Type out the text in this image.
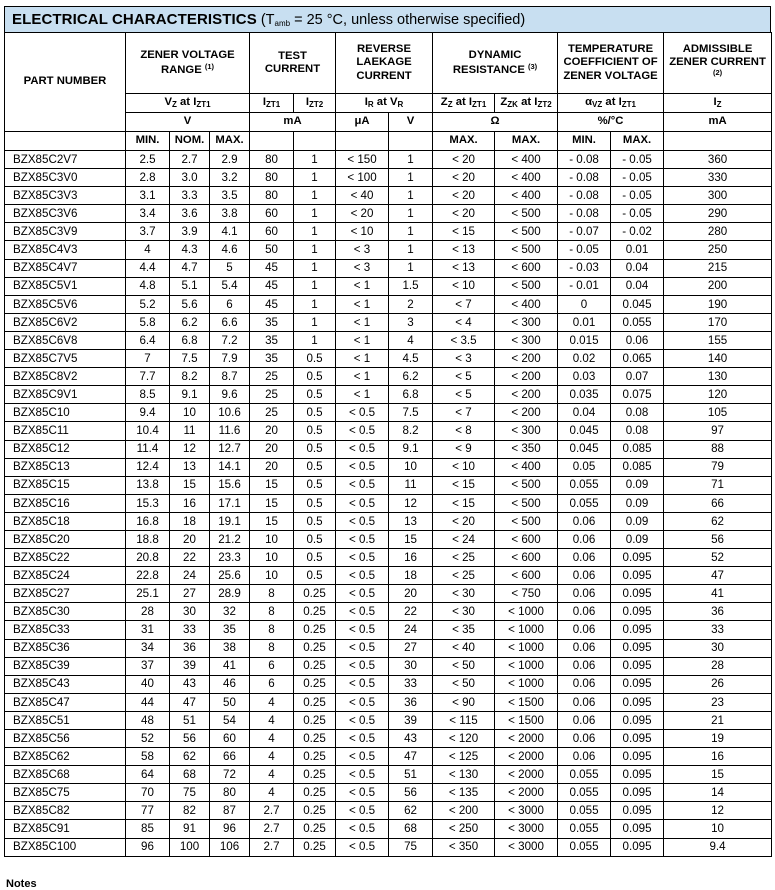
ELECTRICAL CHARACTERISTICS ($T_{amb} = 25$ °C, unless otherwise specified)
PART NUMBER	ZENER VOLTAGE RANGE $^{(1)}$			TEST CURRENT		REVERSE LAEKAGE CURRENT		DYNAMIC RESISTANCE $^{(3)}$		TEMPERATURE COEFFICIENT OF ZENER VOLTAGE		ADMISSIBLE ZENER CURRENT $^{(2)}$
	$V_Z$ at $I_{ZT1}$			$I_{ZT1}$	$I_{ZT2}$	$I_R$ at $V_R$		$Z_Z$ at $I_{ZT1}$	$Z_{ZK}$ at $I_{ZT2}$	$\alpha_{VZ}$ at $I_{ZT1}$		$I_Z$
	V			mA		μA	V	Ω		%/°C		mA
	MIN.	NOM.	MAX.					MAX.	MAX.	MIN.	MAX.	
BZX85C2V7	2.5	2.7	2.9	80	1	< 150	1	< 20	< 400	- 0.08	- 0.05	360
BZX85C3V0	2.8	3.0	3.2	80	1	< 100	1	< 20	< 400	- 0.08	- 0.05	330
BZX85C3V3	3.1	3.3	3.5	80	1	< 40	1	< 20	< 400	- 0.08	- 0.05	300
BZX85C3V6	3.4	3.6	3.8	60	1	< 20	1	< 20	< 500	- 0.08	- 0.05	290
BZX85C3V9	3.7	3.9	4.1	60	1	< 10	1	< 15	< 500	- 0.07	- 0.02	280
BZX85C4V3	4	4.3	4.6	50	1	< 3	1	< 13	< 500	- 0.05	0.01	250
BZX85C4V7	4.4	4.7	5	45	1	< 3	1	< 13	< 600	- 0.03	0.04	215
BZX85C5V1	4.8	5.1	5.4	45	1	< 1	1.5	< 10	< 500	- 0.01	0.04	200
BZX85C5V6	5.2	5.6	6	45	1	< 1	2	< 7	< 400	0	0.045	190
BZX85C6V2	5.8	6.2	6.6	35	1	< 1	3	< 4	< 300	0.01	0.055	170
BZX85C6V8	6.4	6.8	7.2	35	1	< 1	4	< 3.5	< 300	0.015	0.06	155
BZX85C7V5	7	7.5	7.9	35	0.5	< 1	4.5	< 3	< 200	0.02	0.065	140
BZX85C8V2	7.7	8.2	8.7	25	0.5	< 1	6.2	< 5	< 200	0.03	0.07	130
BZX85C9V1	8.5	9.1	9.6	25	0.5	< 1	6.8	< 5	< 200	0.035	0.075	120
BZX85C10	9.4	10	10.6	25	0.5	< 0.5	7.5	< 7	< 200	0.04	0.08	105
BZX85C11	10.4	11	11.6	20	0.5	< 0.5	8.2	< 8	< 300	0.045	0.08	97
BZX85C12	11.4	12	12.7	20	0.5	< 0.5	9.1	< 9	< 350	0.045	0.085	88
BZX85C13	12.4	13	14.1	20	0.5	< 0.5	10	< 10	< 400	0.05	0.085	79
BZX85C15	13.8	15	15.6	15	0.5	< 0.5	11	< 15	< 500	0.055	0.09	71
BZX85C16	15.3	16	17.1	15	0.5	< 0.5	12	< 15	< 500	0.055	0.09	66
BZX85C18	16.8	18	19.1	15	0.5	< 0.5	13	< 20	< 500	0.06	0.09	62
BZX85C20	18.8	20	21.2	10	0.5	< 0.5	15	< 24	< 600	0.06	0.09	56
BZX85C22	20.8	22	23.3	10	0.5	< 0.5	16	< 25	< 600	0.06	0.095	52
BZX85C24	22.8	24	25.6	10	0.5	< 0.5	18	< 25	< 600	0.06	0.095	47
BZX85C27	25.1	27	28.9	8	0.25	< 0.5	20	< 30	< 750	0.06	0.095	41
BZX85C30	28	30	32	8	0.25	< 0.5	22	< 30	< 1000	0.06	0.095	36
BZX85C33	31	33	35	8	0.25	< 0.5	24	< 35	< 1000	0.06	0.095	33
BZX85C36	34	36	38	8	0.25	< 0.5	27	< 40	< 1000	0.06	0.095	30
BZX85C39	37	39	41	6	0.25	< 0.5	30	< 50	< 1000	0.06	0.095	28
BZX85C43	40	43	46	6	0.25	< 0.5	33	< 50	< 1000	0.06	0.095	26
BZX85C47	44	47	50	4	0.25	< 0.5	36	< 90	< 1500	0.06	0.095	23
BZX85C51	48	51	54	4	0.25	< 0.5	39	< 115	< 1500	0.06	0.095	21
BZX85C56	52	56	60	4	0.25	< 0.5	43	< 120	< 2000	0.06	0.095	19
BZX85C62	58	62	66	4	0.25	< 0.5	47	< 125	< 2000	0.06	0.095	16
BZX85C68	64	68	72	4	0.25	< 0.5	51	< 130	< 2000	0.055	0.095	15
BZX85C75	70	75	80	4	0.25	< 0.5	56	< 135	< 2000	0.055	0.095	14
BZX85C82	77	82	87	2.7	0.25	< 0.5	62	< 200	< 3000	0.055	0.095	12
BZX85C91	85	91	96	2.7	0.25	< 0.5	68	< 250	< 3000	0.055	0.095	10
BZX85C100	96	100	106	2.7	0.25	< 0.5	75	< 350	< 3000	0.055	0.095	9.4
Notes
